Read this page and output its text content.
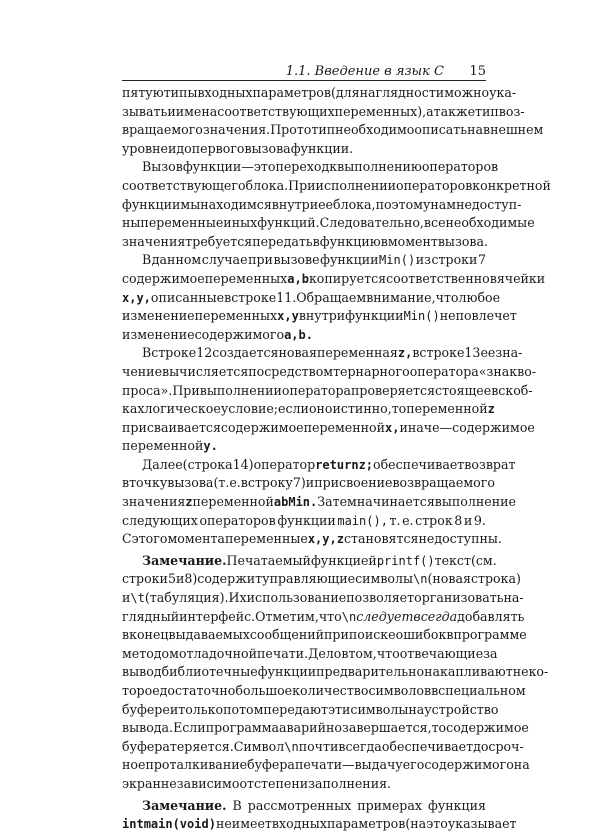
1.1. Введение в язык С 15
пятую типы входных параметров (для наглядности можно ука-
зывать и имена соответствующих переменных), а также тип воз-
вращаемого значения. Прототип необходимо описать на внешнем
уровне и до первого вызова функции.
Вызов функции — это переход к выполнению операторов
соответствующего блока. При исполнении операторов конкретной
функции мы находимся внутри ее блока, поэтому нам недоступ-
ны переменные иных функций. Следовательно, все необходимые
значения требуется передать в функцию в момент вызова.
В данном случае при вызове функции Min() из строки 7
содержимое переменных a, b копируется соответственно в ячейки
x, y, описанные в строке 11. Обращаем внимание, что любое
изменение переменных x, y внутри функции Min() не повлечет
изменение содержимого a, b.
В строке 12 создается новая переменная z, в строке 13 ее зна-
чение вычисляется посредством тернарного оператора «знак во-
проса». При выполнении оператора проверяется стоящее в скоб-
ках логическое условие; если оно истинно, то переменной z
присваивается содержимое переменной x, иначе — содержимое
переменной y.
Далее (строка 14) оператор return z; обеспечивает возврат
в точку вызова (т. е. в строку 7) и присвоение возвращаемого
значения z переменной abMin. Затем начинается выполнение
следующих операторов функции main(), т. е. строк 8 и 9.
С этого момента переменные x, y, z становятся недоступны.
Замечание. Печатаемый функцией printf() текст (см.
строки 5 и 8) содержит управляющие символы \n (новая строка)
и \t (табуляция). Их использование позволяет организовать на-
глядный интерфейс. Отметим, что \n следует всегда добавлять
в конец выдаваемых сообщений при поиске ошибок в программе
методом отладочной печати. Дело в том, что отвечающие за
вывод библиотечные функции предварительно накапливают неко-
торое достаточно большое количество символов в специальном
буфере и только потом передают эти символы на устройство
вывода. Если программа аварийно завершается, то содержимое
буфера теряется. Символ \n почти всегда обеспечивает досроч-
ное проталкивание буфера печати — выдачу его содержимого на
экран независимо от степени заполнения.
Замечание. В рассмотренных примерах функция
int main(void) не имеет входных параметров (на это указывает
